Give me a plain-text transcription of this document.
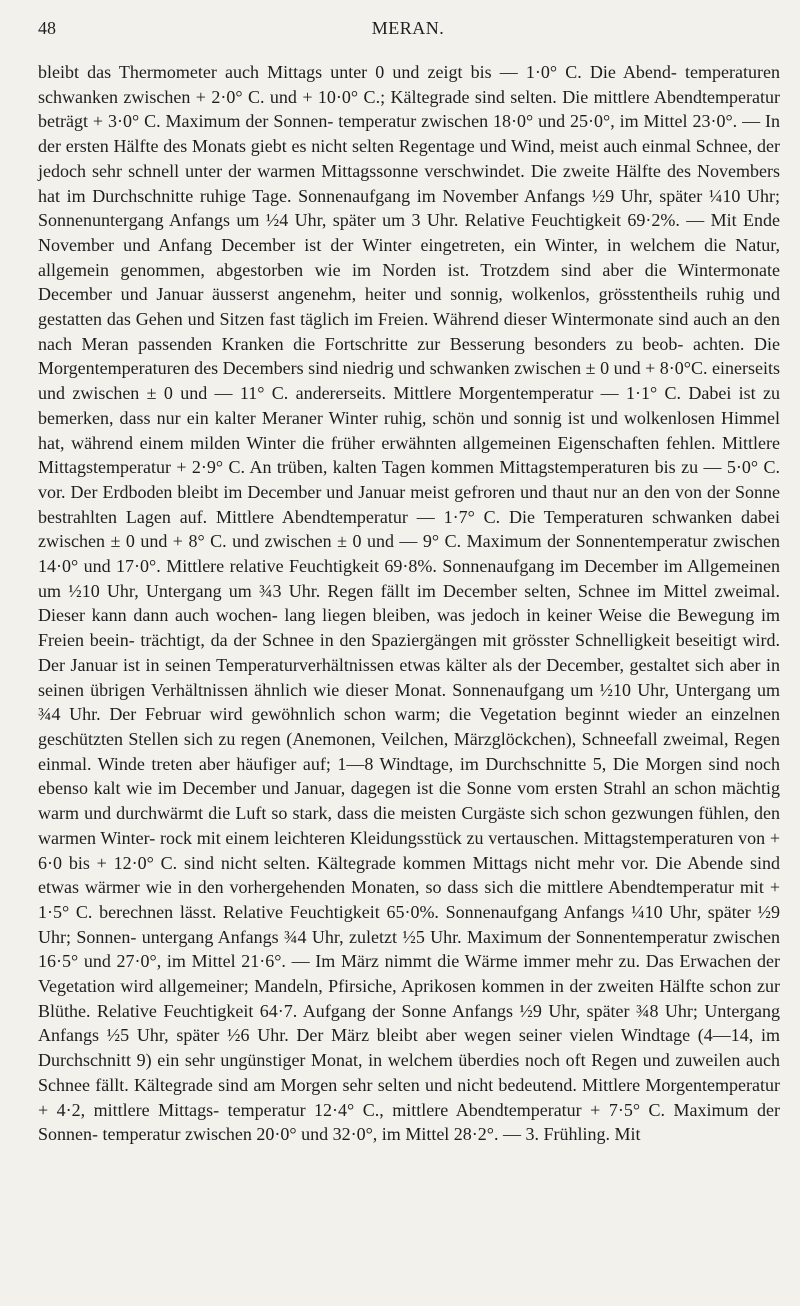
48	MERAN.
bleibt das Thermometer auch Mittags unter 0 und zeigt bis — 1·0° C. Die Abend- temperaturen schwanken zwischen + 2·0° C. und + 10·0° C.; Kältegrade sind selten. Die mittlere Abendtemperatur beträgt + 3·0° C. Maximum der Sonnen- temperatur zwischen 18·0° und 25·0°, im Mittel 23·0°. — In der ersten Hälfte des Monats giebt es nicht selten Regentage und Wind, meist auch einmal Schnee, der jedoch sehr schnell unter der warmen Mittagssonne verschwindet. Die zweite Hälfte des Novembers hat im Durchschnitte ruhige Tage. Sonnenaufgang im November Anfangs ½9 Uhr, später ¼10 Uhr; Sonnenuntergang Anfangs um ½4 Uhr, später um 3 Uhr. Relative Feuchtigkeit 69·2%. — Mit Ende November und Anfang December ist der Winter eingetreten, ein Winter, in welchem die Natur, allgemein genommen, abgestorben wie im Norden ist. Trotzdem sind aber die Wintermonate December und Januar äusserst angenehm, heiter und sonnig, wolkenlos, grösstentheils ruhig und gestatten das Gehen und Sitzen fast täglich im Freien. Während dieser Wintermonate sind auch an den nach Meran passenden Kranken die Fortschritte zur Besserung besonders zu beob- achten. Die Morgentemperaturen des Decembers sind niedrig und schwanken zwischen ± 0 und + 8·0°C. einerseits und zwischen ± 0 und — 11° C. andererseits. Mittlere Morgentemperatur — 1·1° C. Dabei ist zu bemerken, dass nur ein kalter Meraner Winter ruhig, schön und sonnig ist und wolkenlosen Himmel hat, während einem milden Winter die früher erwähnten allgemeinen Eigenschaften fehlen. Mittlere Mittagstemperatur + 2·9° C. An trüben, kalten Tagen kommen Mittagstemperaturen bis zu — 5·0° C. vor. Der Erdboden bleibt im December und Januar meist gefroren und thaut nur an den von der Sonne bestrahlten Lagen auf. Mittlere Abendtemperatur — 1·7° C. Die Temperaturen schwanken dabei zwischen ± 0 und + 8° C. und zwischen ± 0 und — 9° C. Maximum der Sonnentemperatur zwischen 14·0° und 17·0°. Mittlere relative Feuchtigkeit 69·8%. Sonnenaufgang im December im Allgemeinen um ½10 Uhr, Untergang um ¾3 Uhr. Regen fällt im December selten, Schnee im Mittel zweimal. Dieser kann dann auch wochen- lang liegen bleiben, was jedoch in keiner Weise die Bewegung im Freien beein- trächtigt, da der Schnee in den Spaziergängen mit grösster Schnelligkeit beseitigt wird. Der Januar ist in seinen Temperaturverhältnissen etwas kälter als der December, gestaltet sich aber in seinen übrigen Verhältnissen ähnlich wie dieser Monat. Sonnenaufgang um ½10 Uhr, Untergang um ¾4 Uhr. Der Februar wird gewöhnlich schon warm; die Vegetation beginnt wieder an einzelnen geschützten Stellen sich zu regen (Anemonen, Veilchen, Märzglöckchen), Schneefall zweimal, Regen einmal. Winde treten aber häufiger auf; 1—8 Windtage, im Durchschnitte 5, Die Morgen sind noch ebenso kalt wie im December und Januar, dagegen ist die Sonne vom ersten Strahl an schon mächtig warm und durchwärmt die Luft so stark, dass die meisten Curgäste sich schon gezwungen fühlen, den warmen Winter- rock mit einem leichteren Kleidungsstück zu vertauschen. Mittagstemperaturen von + 6·0 bis + 12·0° C. sind nicht selten. Kältegrade kommen Mittags nicht mehr vor. Die Abende sind etwas wärmer wie in den vorhergehenden Monaten, so dass sich die mittlere Abendtemperatur mit + 1·5° C. berechnen lässt. Relative Feuchtigkeit 65·0%. Sonnenaufgang Anfangs ¼10 Uhr, später ½9 Uhr; Sonnen- untergang Anfangs ¾4 Uhr, zuletzt ½5 Uhr. Maximum der Sonnentemperatur zwischen 16·5° und 27·0°, im Mittel 21·6°. — Im März nimmt die Wärme immer mehr zu. Das Erwachen der Vegetation wird allgemeiner; Mandeln, Pfirsiche, Aprikosen kommen in der zweiten Hälfte schon zur Blüthe. Relative Feuchtigkeit 64·7. Aufgang der Sonne Anfangs ½9 Uhr, später ¾8 Uhr; Untergang Anfangs ½5 Uhr, später ½6 Uhr. Der März bleibt aber wegen seiner vielen Windtage (4—14, im Durchschnitt 9) ein sehr ungünstiger Monat, in welchem überdies noch oft Regen und zuweilen auch Schnee fällt. Kältegrade sind am Morgen sehr selten und nicht bedeutend. Mittlere Morgentemperatur + 4·2, mittlere Mittags- temperatur 12·4° C., mittlere Abendtemperatur + 7·5° C. Maximum der Sonnen- temperatur zwischen 20·0° und 32·0°, im Mittel 28·2°. — 3. Frühling. Mit
